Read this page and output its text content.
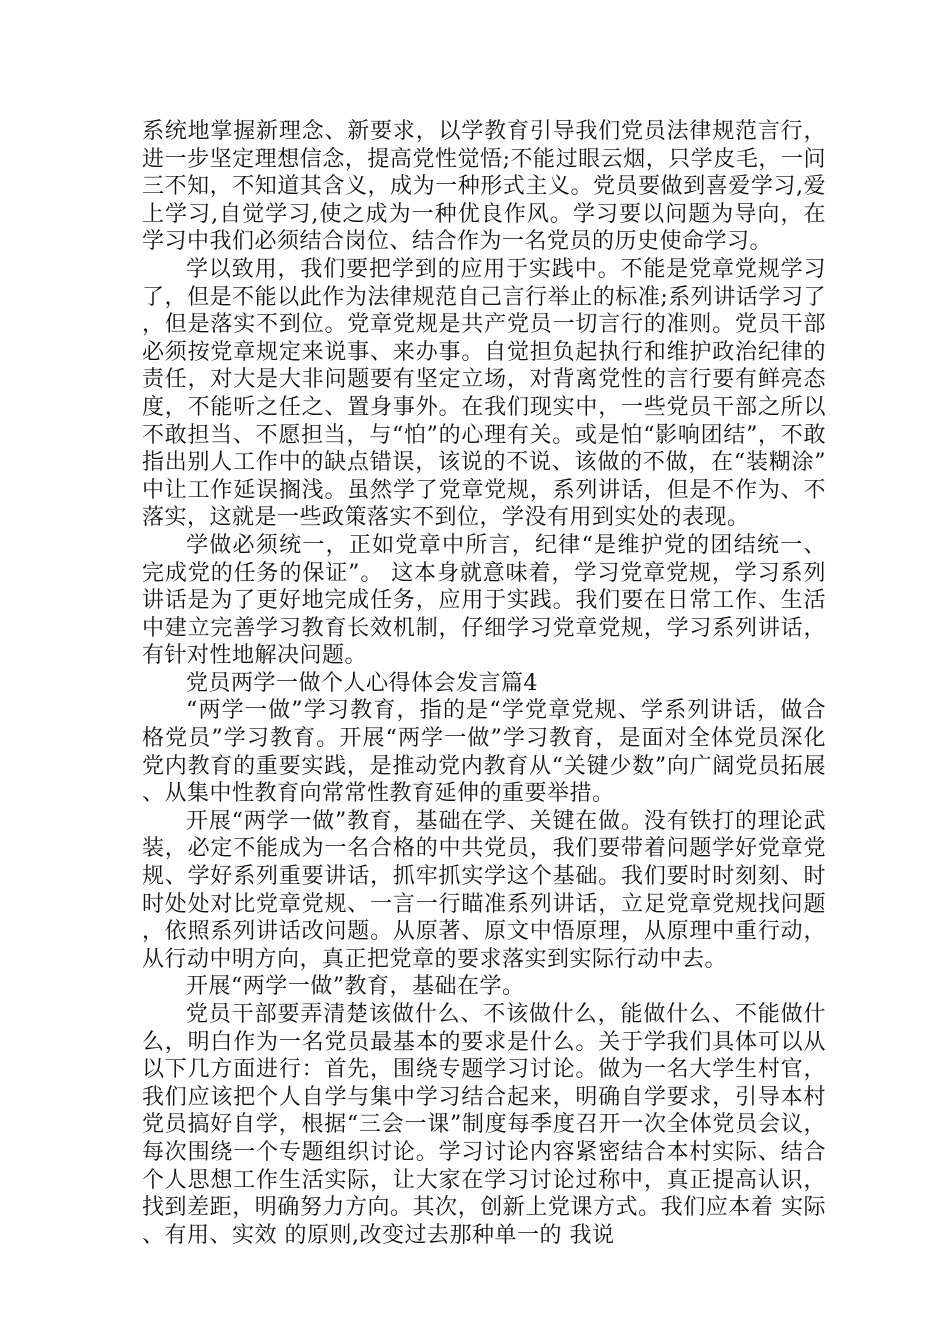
系统地掌握新理念、新要求，以学教育引导我们党员法律规范言行，进一步坚定理想信念，提高党性觉悟;不能过眼云烟，只学皮毛，一问三不知，不知道其含义，成为一种形式主义。党员要做到喜爱学习,爱上学习,自觉学习,使之成为一种优良作风。学习要以问题为导向，在学习中我们必须结合岗位、结合作为一名党员的历史使命学习。

学以致用，我们要把学到的应用于实践中。不能是党章党规学习了，但是不能以此作为法律规范自己言行举止的标准;系列讲话学习了，但是落实不到位。党章党规是共产党员一切言行的准则。党员干部必须按党章规定来说事、来办事。自觉担负起执行和维护政治纪律的责任，对大是大非问题要有坚定立场，对背离党性的言行要有鲜亮态度，不能听之任之、置身事外。在我们现实中，一些党员干部之所以不敢担当、不愿担当，与“怕”的心理有关。或是怕“影响团结”，不敢指出别人工作中的缺点错误，该说的不说、该做的不做，在“装糊涂”中让工作延误搁浅。虽然学了党章党规，系列讲话，但是不作为、不落实，这就是一些政策落实不到位，学没有用到实处的表现。

学做必须统一，正如党章中所言，纪律“是维护党的团结统一、完成党的任务的保证”。 这本身就意味着，学习党章党规，学习系列讲话是为了更好地完成任务，应用于实践。我们要在日常工作、生活中建立完善学习教育长效机制，仔细学习党章党规，学习系列讲话，有针对性地解决问题。

党员两学一做个人心得体会发言篇4

“两学一做”学习教育，指的是“学党章党规、学系列讲话，做合格党员”学习教育。开展“两学一做”学习教育，是面对全体党员深化党内教育的重要实践，是推动党内教育从“关键少数”向广阔党员拓展、从集中性教育向常常性教育延伸的重要举措。

开展“两学一做”教育，基础在学、关键在做。没有铁打的理论武装，必定不能成为一名合格的中共党员，我们要带着问题学好党章党规、学好系列重要讲话，抓牢抓实学这个基础。我们要时时刻刻、时时处处对比党章党规、一言一行瞄准系列讲话，立足党章党规找问题，依照系列讲话改问题。从原著、原文中悟原理，从原理中重行动，从行动中明方向，真正把党章的要求落实到实际行动中去。

开展“两学一做”教育，基础在学。

党员干部要弄清楚该做什么、不该做什么，能做什么、不能做什么，明白作为一名党员最基本的要求是什么。关于学我们具体可以从以下几方面进行：首先，围绕专题学习讨论。做为一名大学生村官，我们应该把个人自学与集中学习结合起来，明确自学要求，引导本村党员搞好自学，根据“三会一课”制度每季度召开一次全体党员会议，每次围绕一个专题组织讨论。学习讨论内容紧密结合本村实际、结合个人思想工作生活实际，让大家在学习讨论过称中，真正提高认识，找到差距，明确努力方向。其次，创新上党课方式。我们应本着 实际、有用、实效 的原则,改变过去那种单一的 我说
